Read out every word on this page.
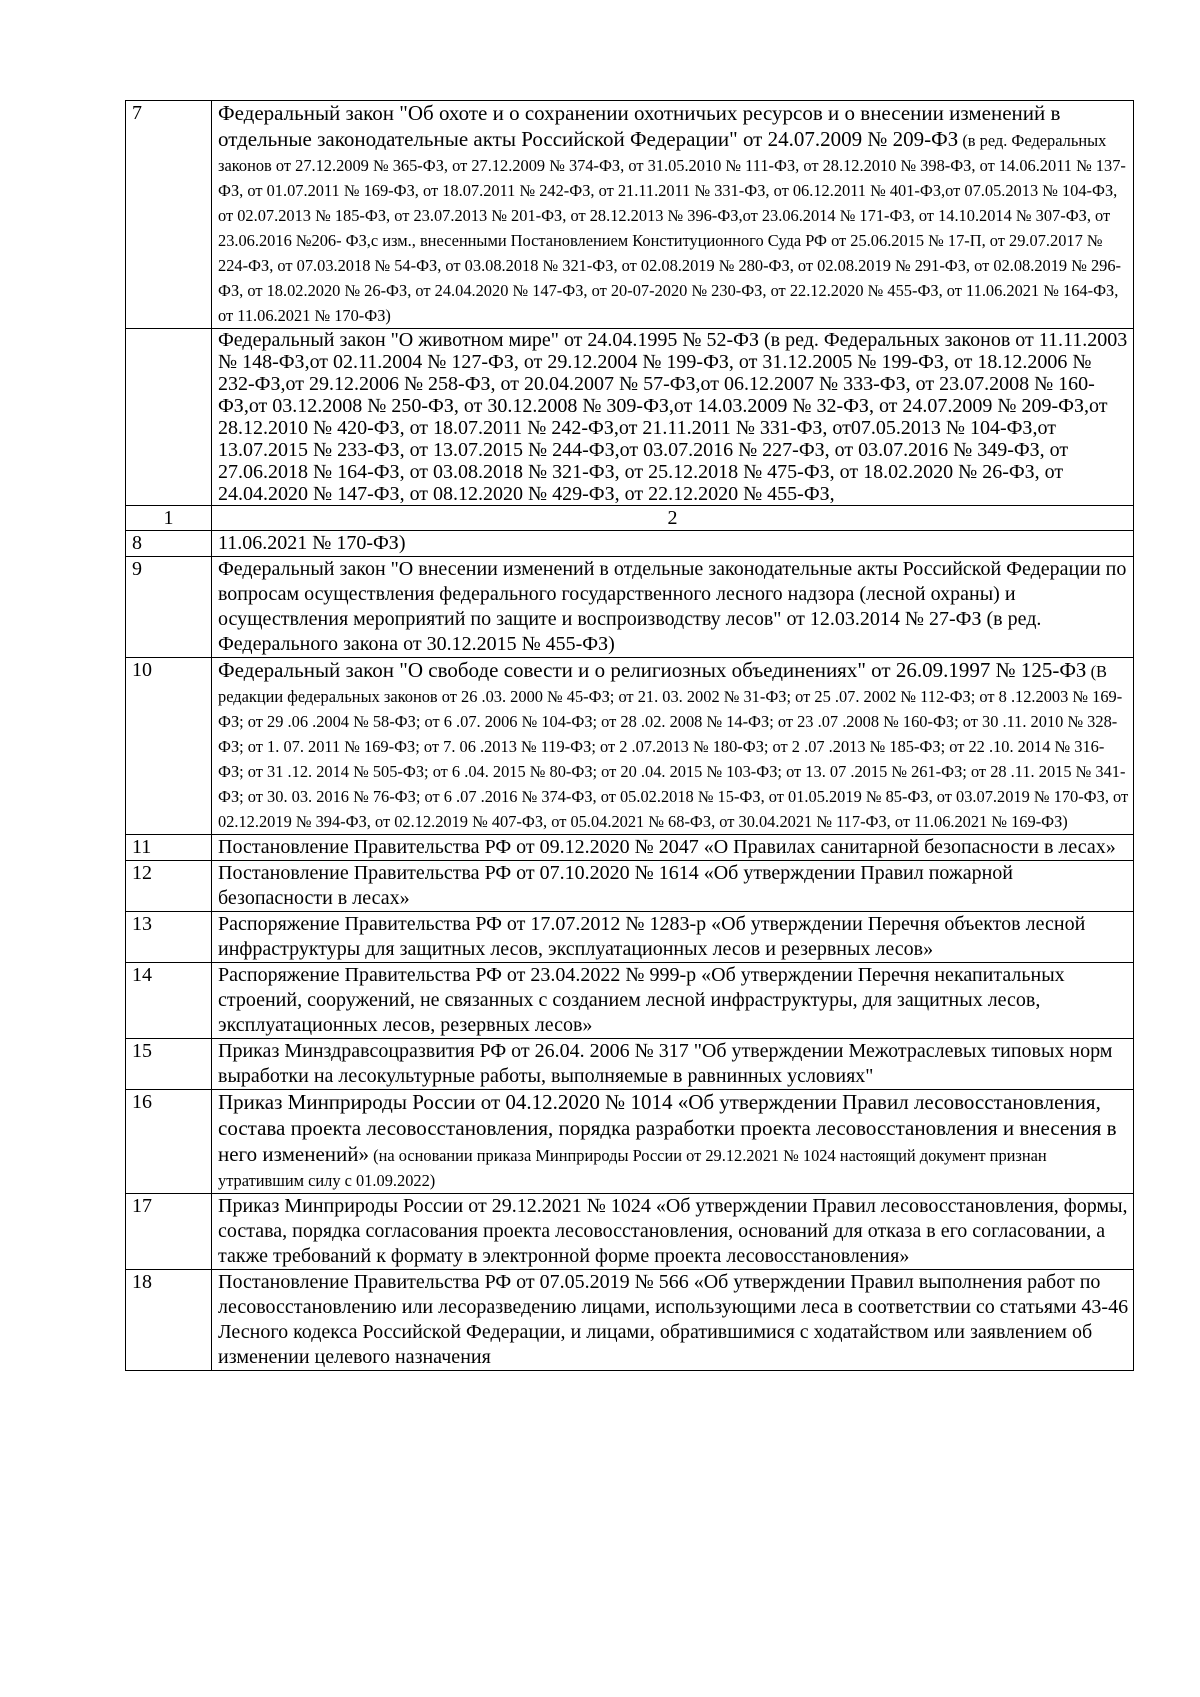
7	Федеральный закон "Об охоте и о сохранении охотничьих ресурсов и о внесении изменений в отдельные законодательные акты Российской Федерации" от 24.07.2009 № 209-ФЗ (в ред. Федеральных законов от 27.12.2009 № 365-ФЗ, от 27.12.2009 № 374-ФЗ, от 31.05.2010 № 111-ФЗ, от 28.12.2010 № 398-ФЗ, от 14.06.2011 № 137-ФЗ, от 01.07.2011 № 169-ФЗ, от 18.07.2011 № 242-ФЗ, от 21.11.2011 № 331-ФЗ, от 06.12.2011 № 401-ФЗ,от 07.05.2013 № 104-ФЗ, от 02.07.2013 № 185-ФЗ, от 23.07.2013 № 201-ФЗ, от 28.12.2013 № 396-ФЗ,от 23.06.2014 № 171-ФЗ, от 14.10.2014 № 307-ФЗ, от 23.06.2016 №206- ФЗ,с изм., внесенными Постановлением Конституционного Суда РФ от 25.06.2015 № 17-П, от 29.07.2017 № 224-ФЗ, от 07.03.2018 № 54-ФЗ, от 03.08.2018 № 321-ФЗ, от 02.08.2019 № 280-ФЗ, от 02.08.2019 № 291-ФЗ, от 02.08.2019 № 296-ФЗ, от 18.02.2020 № 26-ФЗ, от 24.04.2020 № 147-ФЗ, от 20-07-2020 № 230-ФЗ, от 22.12.2020 № 455-ФЗ, от 11.06.2021 № 164-ФЗ, от 11.06.2021 № 170-ФЗ)
	Федеральный закон "О животном мире" от 24.04.1995 № 52-ФЗ (в ред. Федеральных законов от 11.11.2003 № 148-ФЗ,от 02.11.2004 № 127-ФЗ, от 29.12.2004 № 199-ФЗ, от 31.12.2005 № 199-ФЗ, от 18.12.2006 № 232-ФЗ,от 29.12.2006 № 258-ФЗ, от 20.04.2007 № 57-ФЗ,от 06.12.2007 № 333-ФЗ, от 23.07.2008 № 160-ФЗ,от 03.12.2008 № 250-ФЗ, от 30.12.2008 № 309-ФЗ,от 14.03.2009 № 32-ФЗ, от 24.07.2009 № 209-ФЗ,от 28.12.2010 № 420-ФЗ, от 18.07.2011 № 242-ФЗ,от 21.11.2011 № 331-ФЗ, от07.05.2013 № 104-ФЗ,от 13.07.2015 № 233-ФЗ, от 13.07.2015 № 244-ФЗ,от 03.07.2016 № 227-ФЗ, от 03.07.2016 № 349-ФЗ, от 27.06.2018 № 164-ФЗ, от 03.08.2018 № 321-ФЗ, от 25.12.2018 № 475-ФЗ, от 18.02.2020 № 26-ФЗ, от 24.04.2020 № 147-ФЗ, от 08.12.2020 № 429-ФЗ, от 22.12.2020 № 455-ФЗ,
1	2
8	11.06.2021 № 170-ФЗ)
9	Федеральный закон "О внесении изменений в отдельные законодательные акты Российской Федерации по вопросам осуществления федерального государственного лесного надзора (лесной охраны) и осуществления мероприятий по защите и воспроизводству лесов" от 12.03.2014 № 27-ФЗ (в ред. Федерального закона от 30.12.2015 № 455-ФЗ)
10	Федеральный закон "О свободе совести и о религиозных объединениях" от 26.09.1997 № 125-ФЗ (В редакции федеральных законов от 26 .03. 2000 № 45-ФЗ; от 21. 03. 2002 № 31-ФЗ; от 25 .07. 2002 № 112-ФЗ; от 8 .12.2003 № 169-ФЗ; от 29 .06 .2004 № 58-ФЗ; от 6 .07. 2006 № 104-ФЗ; от 28 .02. 2008 № 14-ФЗ; от 23 .07 .2008 № 160-ФЗ; от 30 .11. 2010 № 328-ФЗ; от 1. 07. 2011 № 169-ФЗ; от 7. 06 .2013 № 119-ФЗ; от 2 .07.2013 № 180-ФЗ; от 2 .07 .2013 № 185-ФЗ; от 22 .10. 2014 № 316-ФЗ; от 31 .12. 2014 № 505-ФЗ; от 6 .04. 2015 № 80-ФЗ; от 20 .04. 2015 № 103-ФЗ; от 13. 07 .2015 № 261-ФЗ; от 28 .11. 2015 № 341-ФЗ; от 30. 03. 2016 № 76-ФЗ; от 6 .07 .2016 № 374-ФЗ, от 05.02.2018 № 15-ФЗ, от 01.05.2019 № 85-ФЗ, от 03.07.2019 № 170-ФЗ, от 02.12.2019 № 394-ФЗ, от 02.12.2019 № 407-ФЗ, от 05.04.2021 № 68-ФЗ, от 30.04.2021 № 117-ФЗ, от 11.06.2021 № 169-ФЗ)
11	Постановление Правительства РФ от 09.12.2020 № 2047 «О Правилах санитарной безопасности в лесах»
12	Постановление Правительства РФ от 07.10.2020 № 1614 «Об утверждении Правил пожарной безопасности в лесах»
13	Распоряжение Правительства РФ от 17.07.2012 № 1283-р «Об утверждении Перечня объектов лесной инфраструктуры для защитных лесов, эксплуатационных лесов и резервных лесов»
14	Распоряжение Правительства РФ от 23.04.2022 № 999-р «Об утверждении Перечня некапитальных строений, сооружений, не связанных с созданием лесной инфраструктуры, для защитных лесов, эксплуатационных лесов, резервных лесов»
15	Приказ Минздравсоцразвития РФ от 26.04. 2006 № 317 "Об утверждении Межотраслевых типовых норм выработки на лесокультурные работы, выполняемые в равнинных условиях"
16	Приказ Минприроды России от 04.12.2020 № 1014 «Об утверждении Правил лесовосстановления, состава проекта лесовосстановления, порядка разработки проекта лесовосстановления и внесения в него изменений» (на основании приказа Минприроды России от 29.12.2021 № 1024 настоящий документ признан утратившим силу с 01.09.2022)
17	Приказ Минприроды России от 29.12.2021 № 1024 «Об утверждении Правил лесовосстановления, формы, состава, порядка согласования проекта лесовосстановления, оснований для отказа в его согласовании, а также требований к формату в электронной форме проекта лесовосстановления»
18	Постановление Правительства РФ от 07.05.2019 № 566 «Об утверждении Правил выполнения работ по лесовосстановлению или лесоразведению лицами, использующими леса в соответствии со статьями 43-46 Лесного кодекса Российской Федерации, и лицами, обратившимися с ходатайством или заявлением об изменении целевого назначения
